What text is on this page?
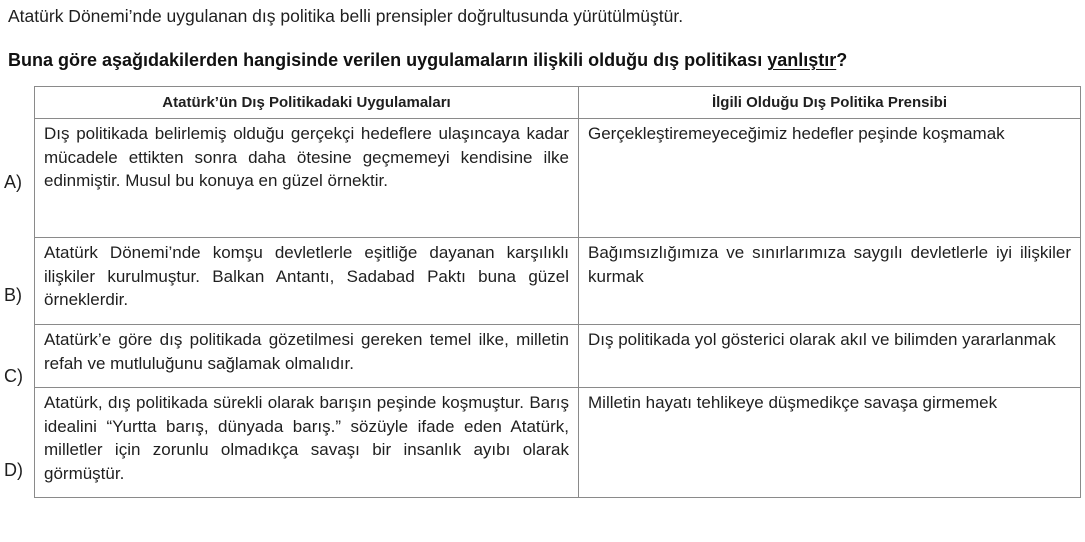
Atatürk Dönemi’nde uygulanan dış politika belli prensipler doğrultusunda yürütülmüştür.
Buna göre aşağıdakilerden hangisinde verilen uygulamaların ilişkili olduğu dış politikası yanlıştır?
A)
B)
C)
D)
Atatürk’ün Dış Politikadaki Uygulamaları	İlgili Olduğu Dış Politika Prensibi
Dış politikada belirlemiş olduğu gerçekçi hedeflere ulaşıncaya kadar mücadele ettikten sonra daha ötesine geçmemeyi kendisine ilke edinmiştir. Musul bu konuya en güzel örnektir.	Gerçekleştiremeyeceğimiz hedefler peşinde koşmamak
Atatürk Dönemi’nde komşu devletlerle eşitliğe dayanan karşılıklı ilişkiler kurulmuştur. Balkan Antantı, Sadabad Paktı buna güzel örneklerdir.	Bağımsızlığımıza ve sınırlarımıza saygılı devletlerle iyi ilişkiler kurmak
Atatürk’e göre dış politikada gözetilmesi gereken temel ilke, milletin refah ve mutluluğunu sağlamak olmalıdır.	Dış politikada yol gösterici olarak akıl ve bilimden yararlanmak
Atatürk, dış politikada sürekli olarak barışın peşinde koşmuştur. Barış idealini “Yurtta barış, dünyada barış.” sözüyle ifade eden Atatürk, milletler için zorunlu olmadıkça savaşı bir insanlık ayıbı olarak görmüştür.	Milletin hayatı tehlikeye düşmedikçe savaşa girmemek
